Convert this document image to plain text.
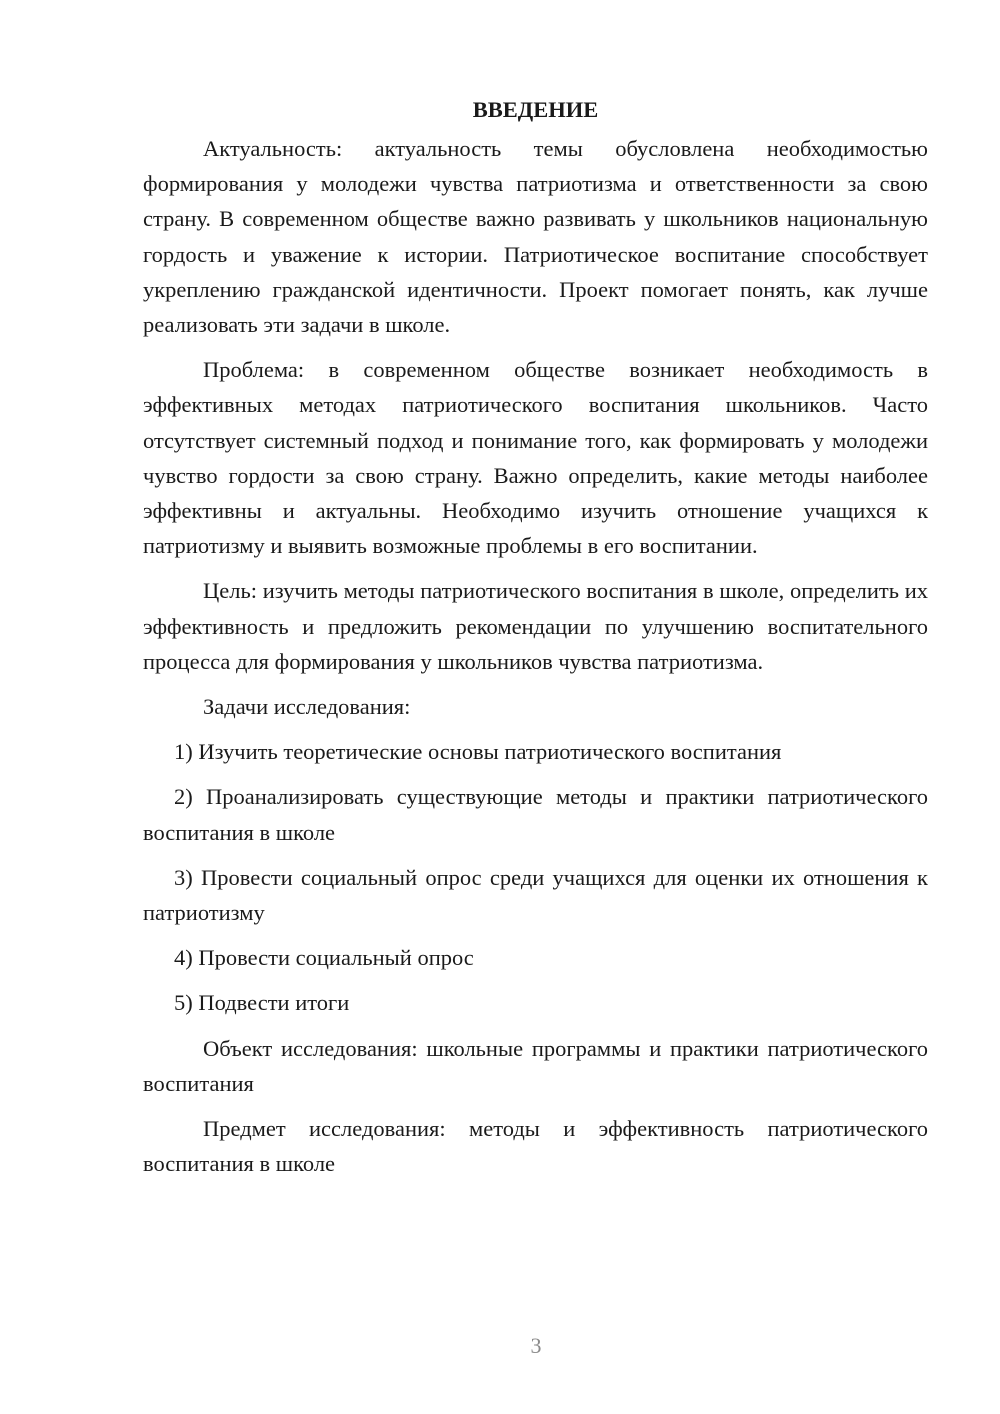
ВВЕДЕНИЕ

Актуальность: актуальность темы обусловлена необходимостью формирования у молодежи чувства патриотизма и ответственности за свою страну. В современном обществе важно развивать у школьников национальную гордость и уважение к истории. Патриотическое воспитание способствует укреплению гражданской идентичности. Проект помогает понять, как лучше реализовать эти задачи в школе.

Проблема: в современном обществе возникает необходимость в эффективных методах патриотического воспитания школьников. Часто отсутствует системный подход и понимание того, как формировать у молодежи чувство гордости за свою страну. Важно определить, какие методы наиболее эффективны и актуальны. Необходимо изучить отношение учащихся к патриотизму и выявить возможные проблемы в его воспитании.

Цель: изучить методы патриотического воспитания в школе, определить их эффективность и предложить рекомендации по улучшению воспитательного процесса для формирования у школьников чувства патриотизма.

Задачи исследования:

1) Изучить теоретические основы патриотического воспитания

2) Проанализировать существующие методы и практики патриотического воспитания в школе

3) Провести социальный опрос среди учащихся для оценки их отношения к патриотизму

4) Провести социальный опрос

5) Подвести итоги

Объект исследования: школьные программы и практики патриотического воспитания

Предмет исследования: методы и эффективность патриотического воспитания в школе

3
